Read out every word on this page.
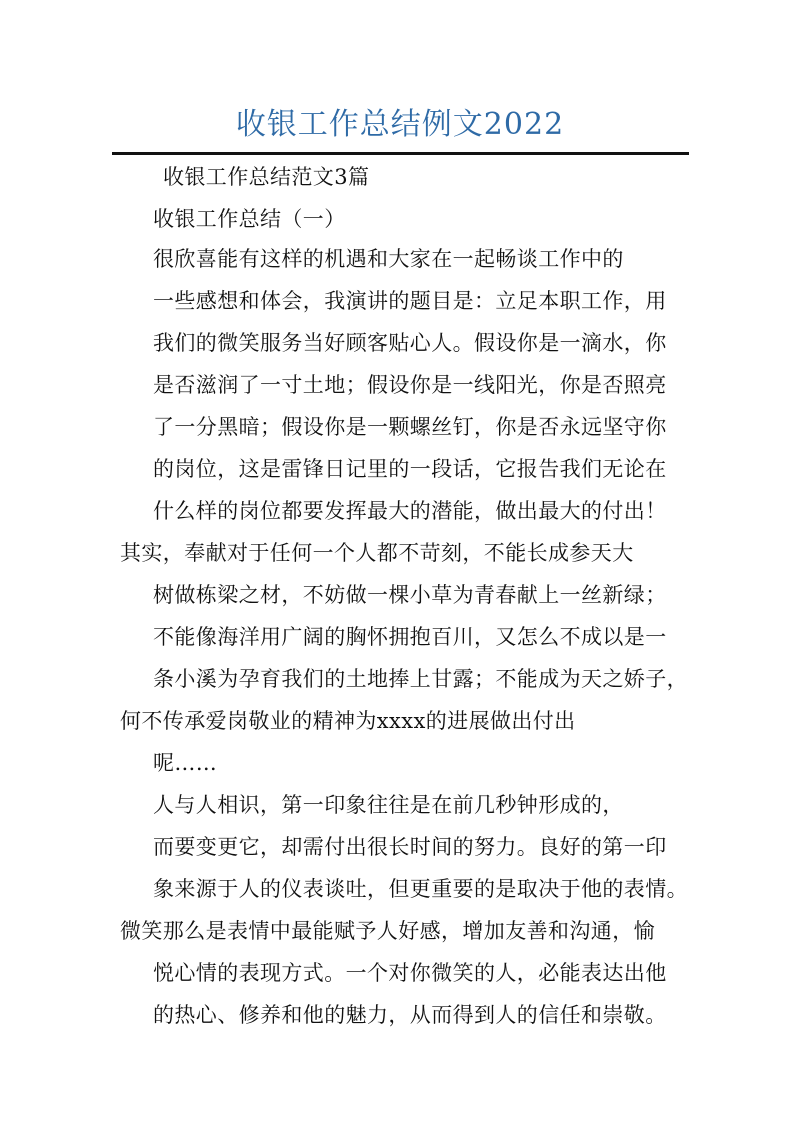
收银工作总结例文2022
收银工作总结范文3篇
收银工作总结（一）
很欣喜能有这样的机遇和大家在一起畅谈工作中的
一些感想和体会，我演讲的题目是：立足本职工作，用
我们的微笑服务当好顾客贴心人。假设你是一滴水，你
是否滋润了一寸土地；假设你是一线阳光，你是否照亮
了一分黑暗；假设你是一颗螺丝钉，你是否永远坚守你
的岗位，这是雷锋日记里的一段话，它报告我们无论在
什么样的岗位都要发挥最大的潜能，做出最大的付出！
其实，奉献对于任何一个人都不苛刻，不能长成参天大
树做栋梁之材，不妨做一棵小草为青春献上一丝新绿；
不能像海洋用广阔的胸怀拥抱百川，又怎么不成以是一
条小溪为孕育我们的土地捧上甘露；不能成为天之娇子，
何不传承爱岗敬业的精神为xxxx的进展做出付出
呢……
人与人相识，第一印象往往是在前几秒钟形成的，
而要变更它，却需付出很长时间的努力。良好的第一印
象来源于人的仪表谈吐，但更重要的是取决于他的表情。
微笑那么是表情中最能赋予人好感，增加友善和沟通，愉
悦心情的表现方式。一个对你微笑的人，必能表达出他
的热心、修养和他的魅力，从而得到人的信任和崇敬。
